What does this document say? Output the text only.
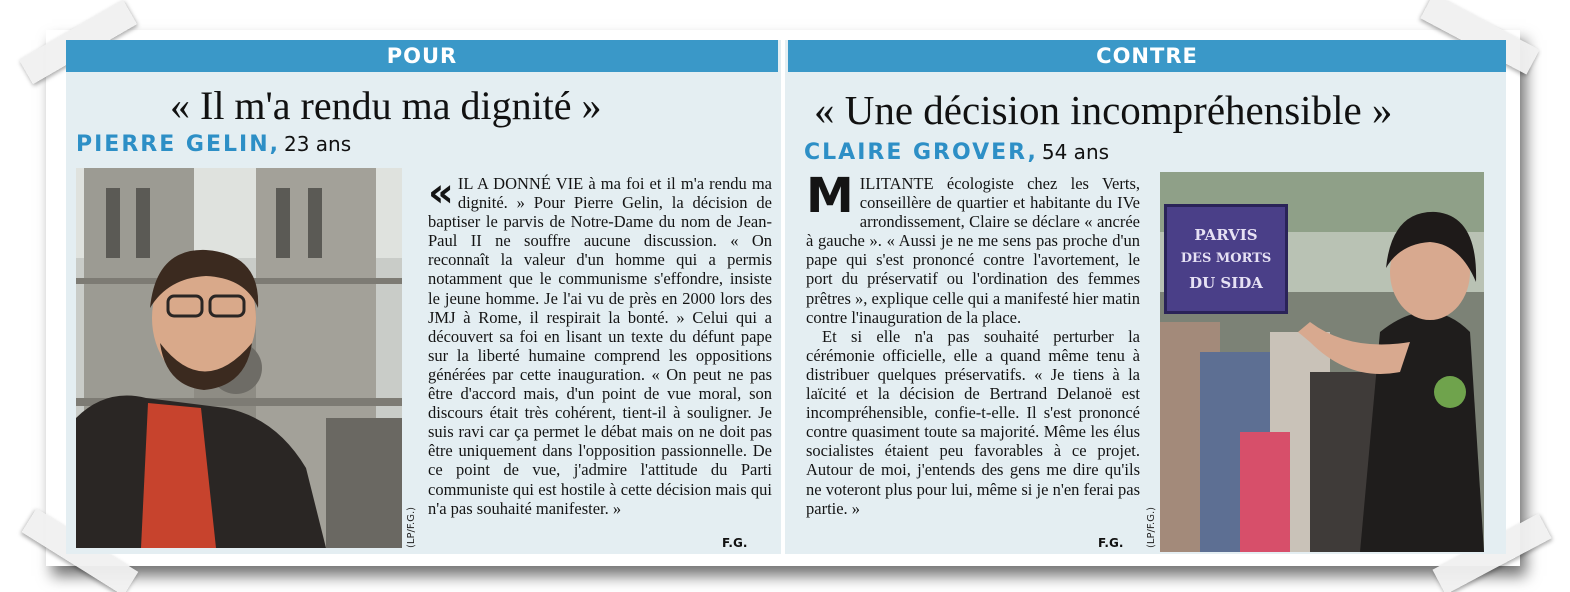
POUR	CONTRE
« Il m'a rendu ma dignité »
PIERRE GELIN, 23 ans
(LP/F.G.)
« IL A DONNÉ VIE à ma foi et il m'a rendu ma dignité. » Pour Pierre Gelin, la décision de baptiser le parvis de Notre-Dame du nom de Jean-Paul II ne souffre aucune discussion. « On reconnaît la valeur d'un homme qui a permis notamment que le communisme s'effondre, insiste le jeune homme. Je l'ai vu de près en 2000 lors des JMJ à Rome, il respirait la bonté. » Celui qui a découvert sa foi en lisant un texte du défunt pape sur la liberté humaine comprend les oppositions générées par cette inauguration. « On peut ne pas être d'accord mais, d'un point de vue moral, son discours était très cohérent, tient-il à souligner. Je suis ravi car ça permet le débat mais on ne doit pas être uniquement dans l'opposition passionnelle. De ce point de vue, j'admire l'attitude du Parti communiste qui est hostile à cette décision mais qui n'a pas souhaité manifester. »

F.G.
« Une décision incompréhensible »
CLAIRE GROVER, 54 ans
M ILITANTE écologiste chez les Verts, conseillère de quartier et habitante du IVe arrondissement, Claire se déclare « ancrée à gauche ». « Aussi je ne me sens pas proche d'un pape qui s'est prononcé contre l'avortement, le port du préservatif ou l'ordination des femmes prêtres », explique celle qui a manifesté hier matin contre l'inauguration de la place.

Et si elle n'a pas souhaité perturber la cérémonie officielle, elle a quand même tenu à distribuer quelques préservatifs. « Je tiens à la laïcité et la décision de Bertrand Delanoë est incompréhensible, confie-t-elle. Il s'est prononcé contre quasiment toute sa majorité. Même les élus socialistes étaient peu favorables à ce projet. Autour de moi, j'entends des gens me dire qu'ils ne voteront plus pour lui, même si je n'en ferai pas partie. »

F.G. (LP/F.G.)
PARVIS
DES MORTS
DU SIDA
